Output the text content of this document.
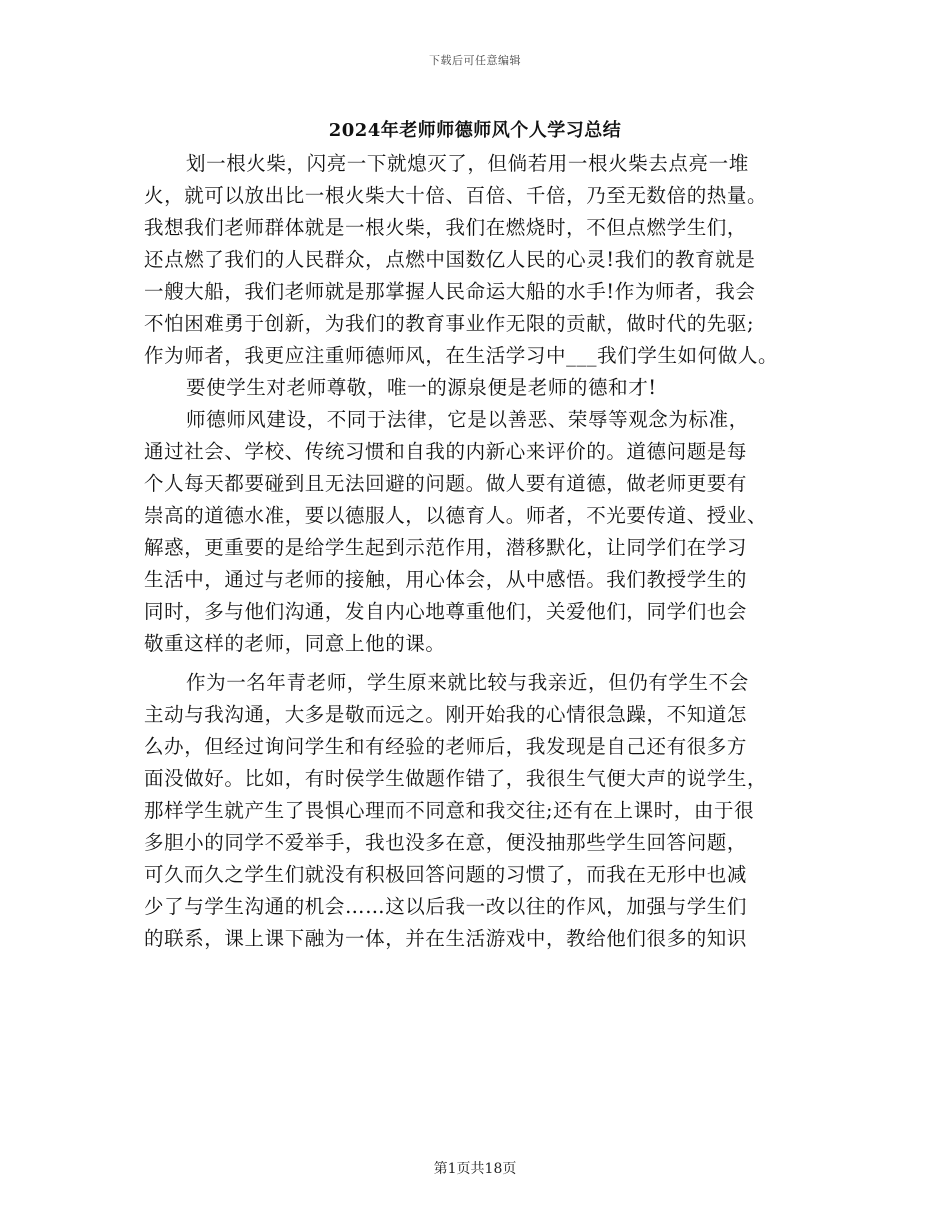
下载后可任意编辑
2024年老师师德师风个人学习总结
划一根火柴，闪亮一下就熄灭了，但倘若用一根火柴去点亮一堆
火，就可以放出比一根火柴大十倍、百倍、千倍，乃至无数倍的热量。
我想我们老师群体就是一根火柴，我们在燃烧时，不但点燃学生们，
还点燃了我们的人民群众，点燃中国数亿人民的心灵!我们的教育就是
一艘大船，我们老师就是那掌握人民命运大船的水手!作为师者，我会
不怕困难勇于创新，为我们的教育事业作无限的贡献，做时代的先驱;
作为师者，我更应注重师德师风，在生活学习中___我们学生如何做人。
要使学生对老师尊敬，唯一的源泉便是老师的德和才!
师德师风建设，不同于法律，它是以善恶、荣辱等观念为标准，
通过社会、学校、传统习惯和自我的内新心来评价的。道德问题是每
个人每天都要碰到且无法回避的问题。做人要有道德，做老师更要有
崇高的道德水准，要以德服人，以德育人。师者，不光要传道、授业、
解惑，更重要的是给学生起到示范作用，潜移默化，让同学们在学习
生活中，通过与老师的接触，用心体会，从中感悟。我们教授学生的
同时，多与他们沟通，发自内心地尊重他们，关爱他们，同学们也会
敬重这样的老师，同意上他的课。
作为一名年青老师，学生原来就比较与我亲近，但仍有学生不会
主动与我沟通，大多是敬而远之。刚开始我的心情很急躁，不知道怎
么办，但经过询问学生和有经验的老师后，我发现是自己还有很多方
面没做好。比如，有时侯学生做题作错了，我很生气便大声的说学生，
那样学生就产生了畏惧心理而不同意和我交往;还有在上课时，由于很
多胆小的同学不爱举手，我也没多在意，便没抽那些学生回答问题，
可久而久之学生们就没有积极回答问题的习惯了，而我在无形中也减
少了与学生沟通的机会……这以后我一改以往的作风，加强与学生们
的联系，课上课下融为一体，并在生活游戏中，教给他们很多的知识
第1页共18页
